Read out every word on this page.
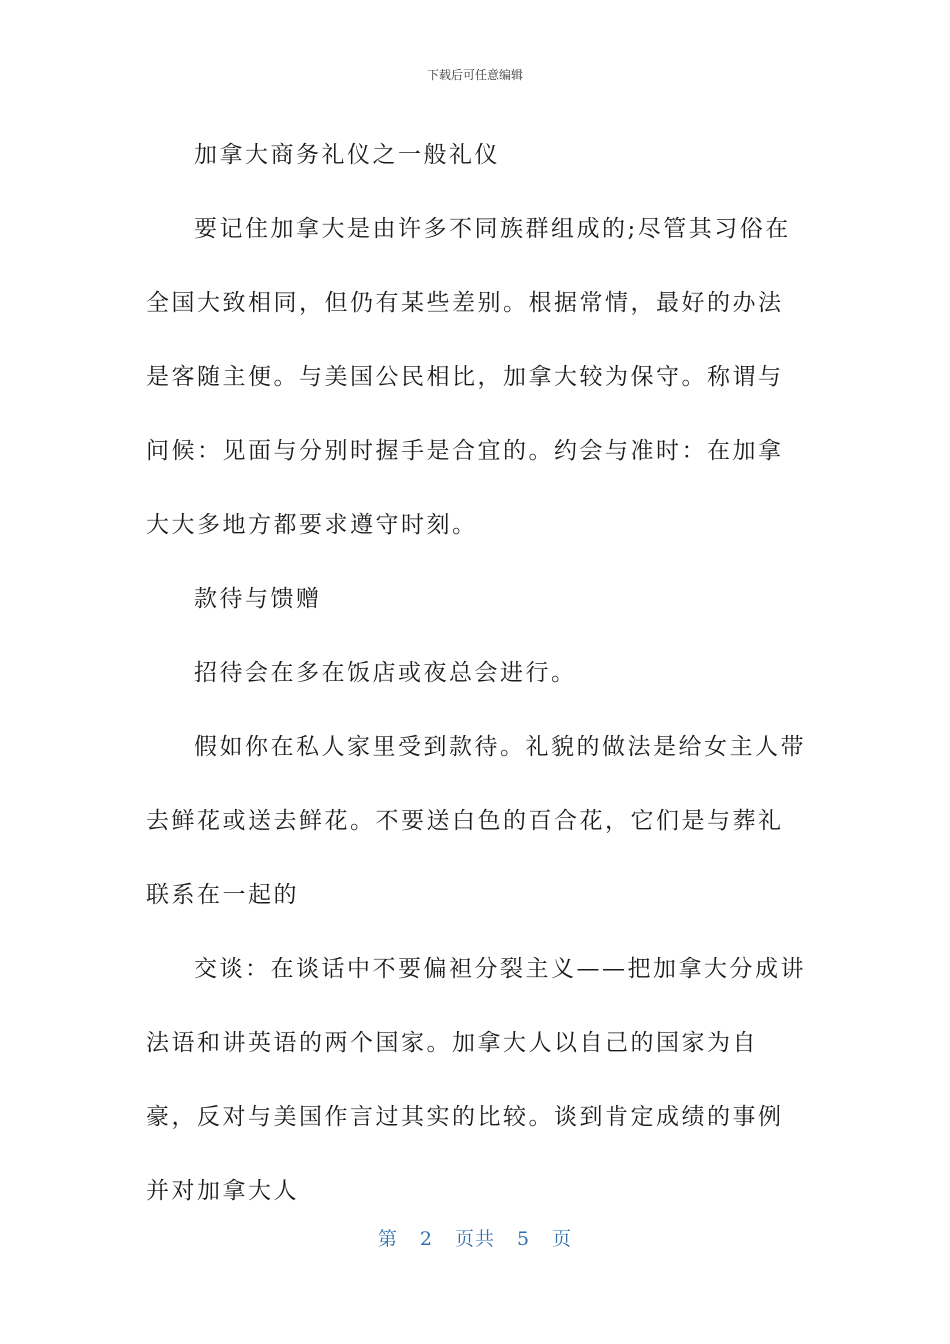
下载后可任意编辑

加拿大商务礼仪之一般礼仪

要记住加拿大是由许多不同族群组成的;尽管其习俗在全国大致相同，但仍有某些差别。根据常情，最好的办法是客随主便。与美国公民相比，加拿大较为保守。称谓与问候：见面与分别时握手是合宜的。约会与准时：在加拿大大多地方都要求遵守时刻。

款待与馈赠

招待会在多在饭店或夜总会进行。

假如你在私人家里受到款待。礼貌的做法是给女主人带去鲜花或送去鲜花。不要送白色的百合花，它们是与葬礼联系在一起的

交谈：在谈话中不要偏袒分裂主义——把加拿大分成讲法语和讲英语的两个国家。加拿大人以自己的国家为自豪，反对与美国作言过其实的比较。谈到肯定成绩的事例并对加拿大人

第 2 页共 5 页
